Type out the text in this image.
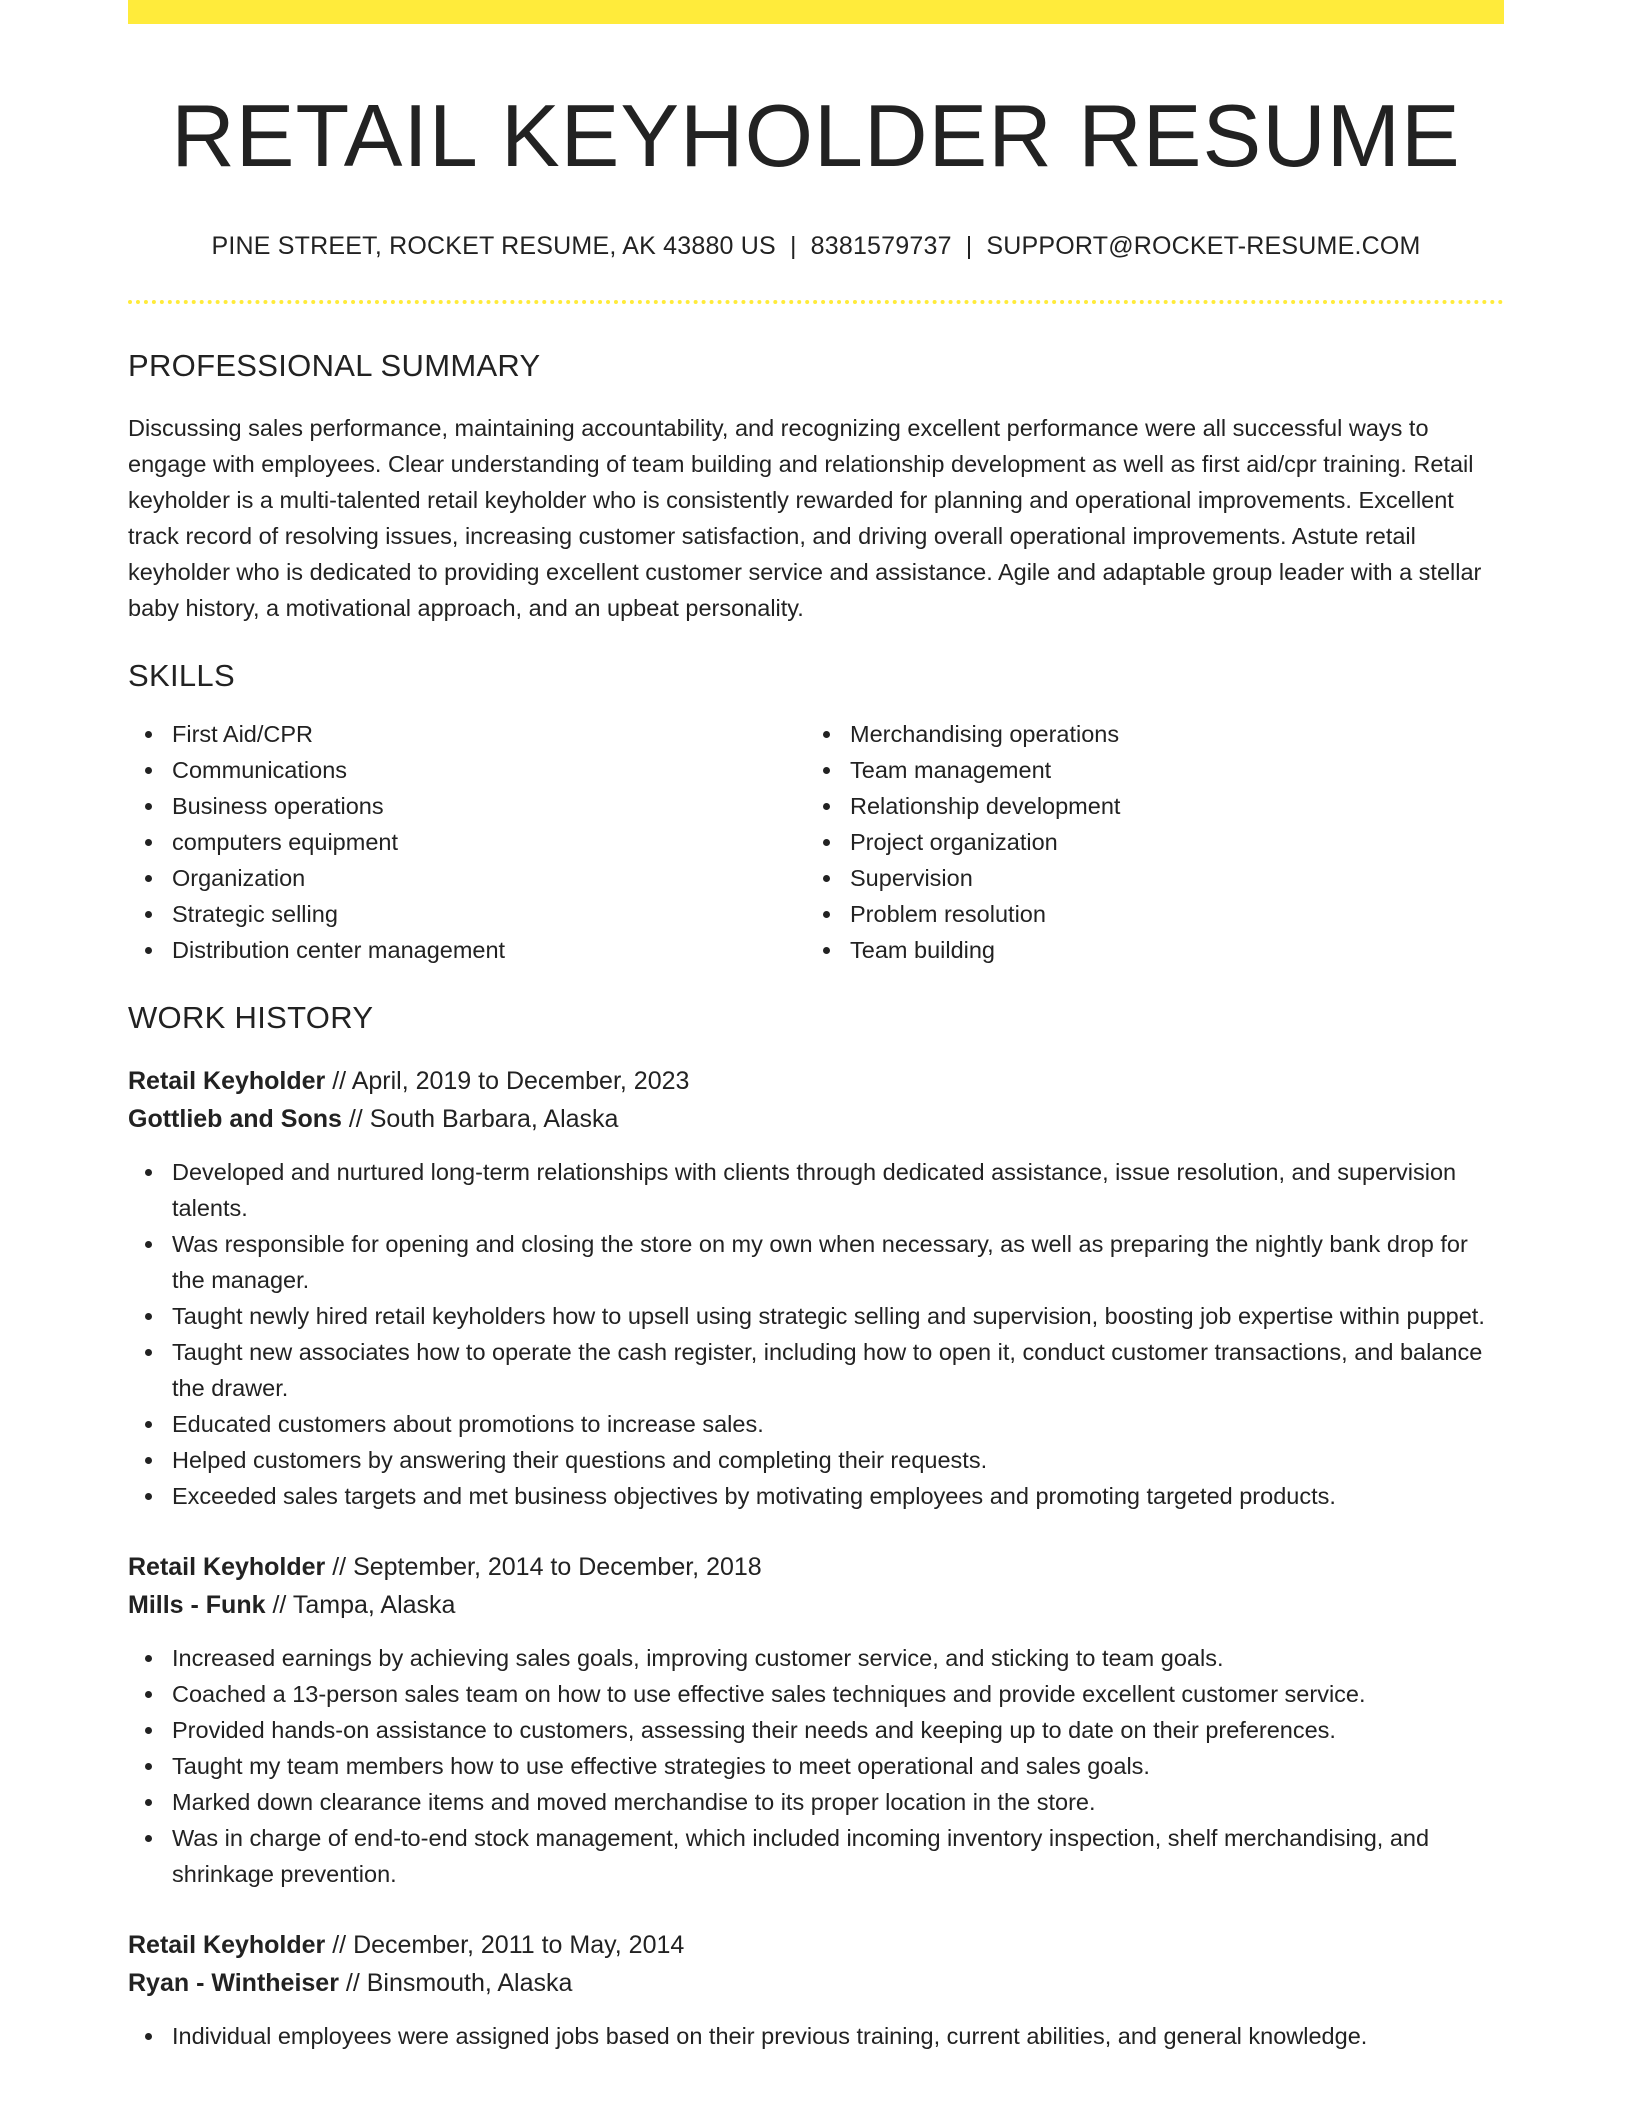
RETAIL KEYHOLDER RESUME
PINE STREET, ROCKET RESUME, AK 43880 US | 8381579737 | SUPPORT@ROCKET-RESUME.COM
PROFESSIONAL SUMMARY

Discussing sales performance, maintaining accountability, and recognizing excellent performance were all successful ways to engage with employees. Clear understanding of team building and relationship development as well as first aid/cpr training. Retail keyholder is a multi-talented retail keyholder who is consistently rewarded for planning and operational improvements. Excellent track record of resolving issues, increasing customer satisfaction, and driving overall operational improvements. Astute retail keyholder who is dedicated to providing excellent customer service and assistance. Agile and adaptable group leader with a stellar baby history, a motivational approach, and an upbeat personality.

SKILLS
First Aid/CPR
Communications
Business operations
computers equipment
Organization
Strategic selling
Distribution center management
Merchandising operations
Team management
Relationship development
Project organization
Supervision
Problem resolution
Team building
WORK HISTORY
Retail Keyholder // April, 2019 to December, 2023
Gottlieb and Sons // South Barbara, Alaska
Developed and nurtured long-term relationships with clients through dedicated assistance, issue resolution, and supervision talents.
Was responsible for opening and closing the store on my own when necessary, as well as preparing the nightly bank drop for the manager.
Taught newly hired retail keyholders how to upsell using strategic selling and supervision, boosting job expertise within puppet.
Taught new associates how to operate the cash register, including how to open it, conduct customer transactions, and balance the drawer.
Educated customers about promotions to increase sales.
Helped customers by answering their questions and completing their requests.
Exceeded sales targets and met business objectives by motivating employees and promoting targeted products.
Retail Keyholder // September, 2014 to December, 2018
Mills - Funk // Tampa, Alaska
Increased earnings by achieving sales goals, improving customer service, and sticking to team goals.
Coached a 13-person sales team on how to use effective sales techniques and provide excellent customer service.
Provided hands-on assistance to customers, assessing their needs and keeping up to date on their preferences.
Taught my team members how to use effective strategies to meet operational and sales goals.
Marked down clearance items and moved merchandise to its proper location in the store.
Was in charge of end-to-end stock management, which included incoming inventory inspection, shelf merchandising, and shrinkage prevention.
Retail Keyholder // December, 2011 to May, 2014
Ryan - Wintheiser // Binsmouth, Alaska
Individual employees were assigned jobs based on their previous training, current abilities, and general knowledge.
